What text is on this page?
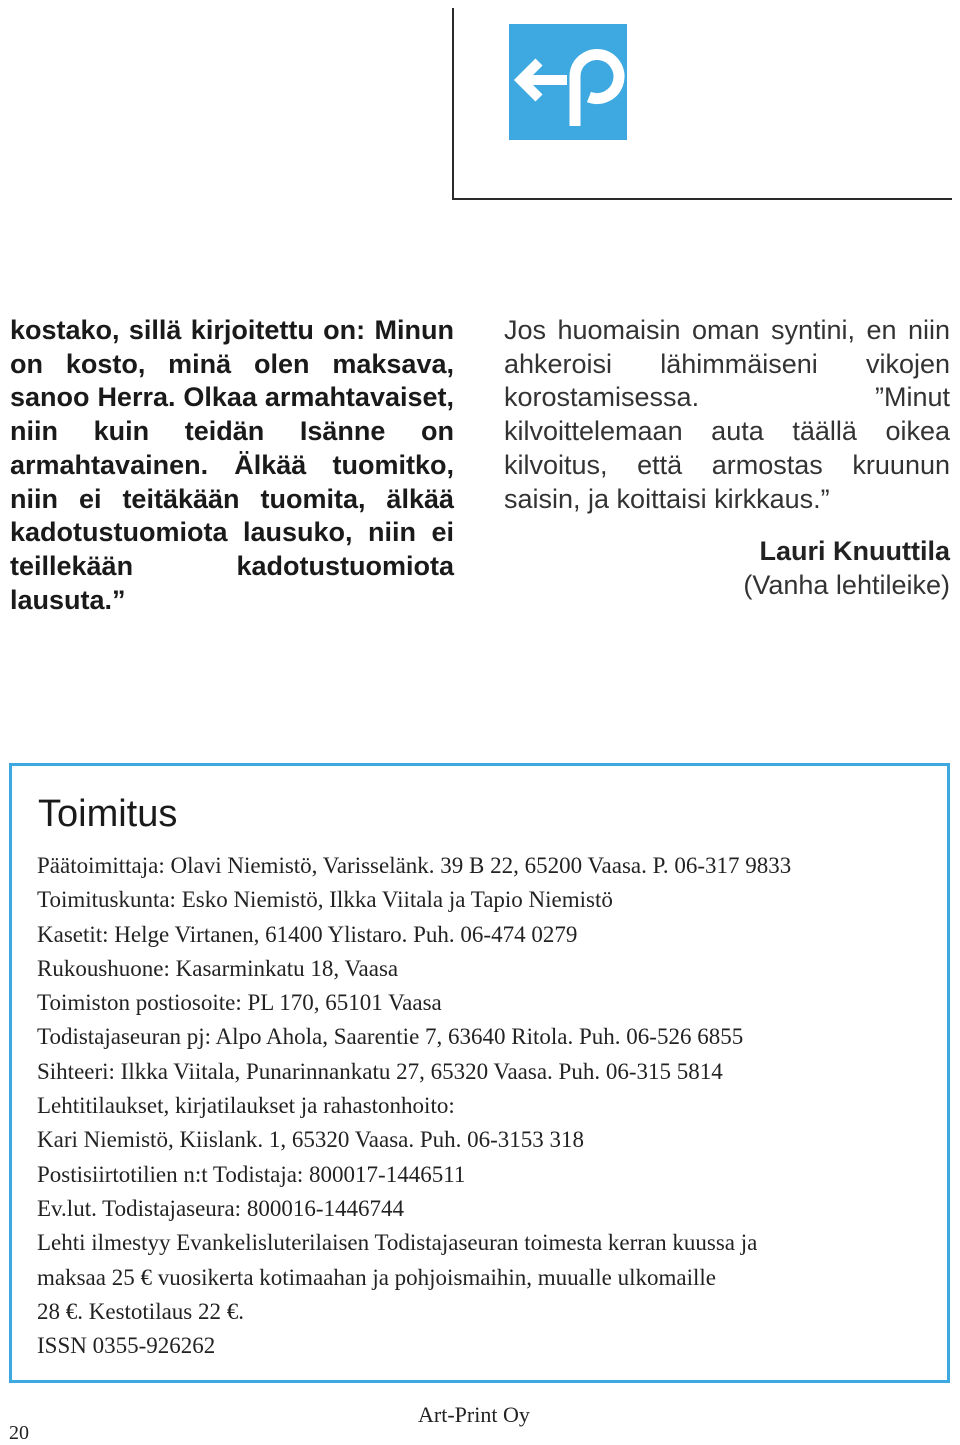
kostako, sillä kirjoitettu on: Minun on kosto, minä olen maksava, sanoo Herra. Olkaa armahtavaiset, niin kuin teidän Isänne on armahtavainen. Älkää tuomitko, niin ei teitäkään tuomita, älkää kadotustuomiota lausuko, niin ei teillekään kadotustuomiota lausuta.”

Jos huomaisin oman syntini, en niin ahkeroisi lähimmäiseni vikojen korostamisessa. ”Minut kilvoittelemaan auta täällä oikea kilvoitus, että armostas kruunun saisin, ja koittaisi kirkkaus.”

Lauri Knuuttila

(Vanha lehtileike)

Toimitus
Päätoimittaja: Olavi Niemistö, Varisselänk. 39 B 22, 65200 Vaasa. P. 06-317 9833
Toimituskunta: Esko Niemistö, Ilkka Viitala ja Tapio Niemistö
Kasetit: Helge Virtanen, 61400 Ylistaro. Puh. 06-474 0279
Rukoushuone: Kasarminkatu 18, Vaasa
Toimiston postiosoite: PL 170, 65101 Vaasa
Todistajaseuran pj: Alpo Ahola, Saarentie 7, 63640 Ritola. Puh. 06-526 6855
Sihteeri: Ilkka Viitala, Punarinnankatu 27, 65320 Vaasa. Puh. 06-315 5814
Lehtitilaukset, kirjatilaukset ja rahastonhoito:
Kari Niemistö, Kiislank. 1, 65320 Vaasa. Puh. 06-3153 318
Postisiirtotilien n:t Todistaja: 800017-1446511
Ev.lut. Todistajaseura: 800016-1446744
Lehti ilmestyy Evankelisluterilaisen Todistajaseuran toimesta kerran kuussa ja
maksaa 25 € vuosikerta kotimaahan ja pohjoismaihin, muualle ulkomaille
28 €. Kestotilaus 22 €.
ISSN 0355-926262
Art-Print Oy
20
